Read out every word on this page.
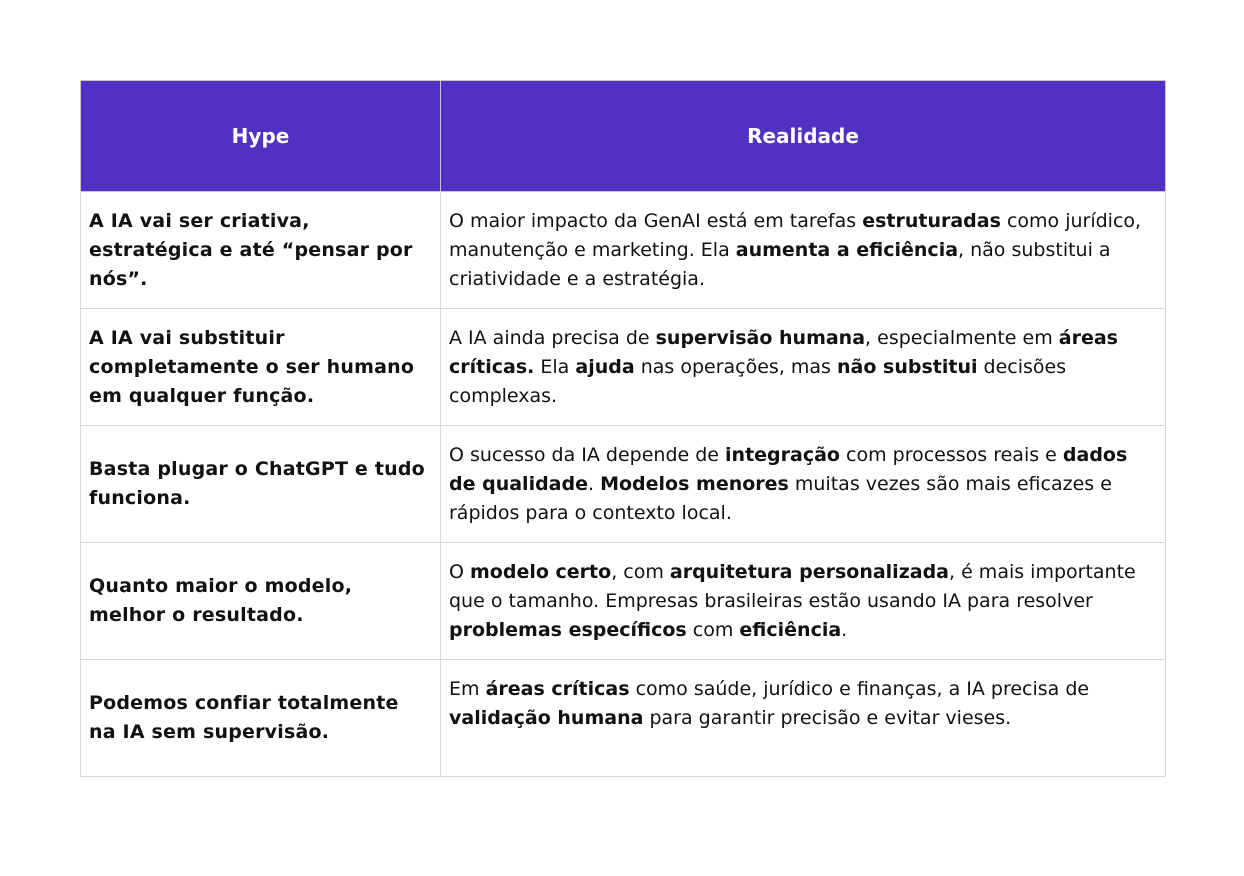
Hype	Realidade
A IA vai ser criativa, estratégica e até “pensar por nós”.	O maior impacto da GenAI está em tarefas estruturadas como jurídico, manutenção e marketing. Ela aumenta a eficiência, não substitui a criatividade e a estratégia.
A IA vai substituir completamente o ser humano em qualquer função.	A IA ainda precisa de supervisão humana, especialmente em áreas críticas. Ela ajuda nas operações, mas não substitui decisões complexas.
Basta plugar o ChatGPT e tudo funciona.	O sucesso da IA depende de integração com processos reais e dados de qualidade. Modelos menores muitas vezes são mais eficazes e rápidos para o contexto local.
Quanto maior o modelo, melhor o resultado.	O modelo certo, com arquitetura personalizada, é mais importante que o tamanho. Empresas brasileiras estão usando IA para resolver problemas específicos com eficiência.
Podemos confiar totalmente na IA sem supervisão.	Em áreas críticas como saúde, jurídico e finanças, a IA precisa de validação humana para garantir precisão e evitar vieses.
